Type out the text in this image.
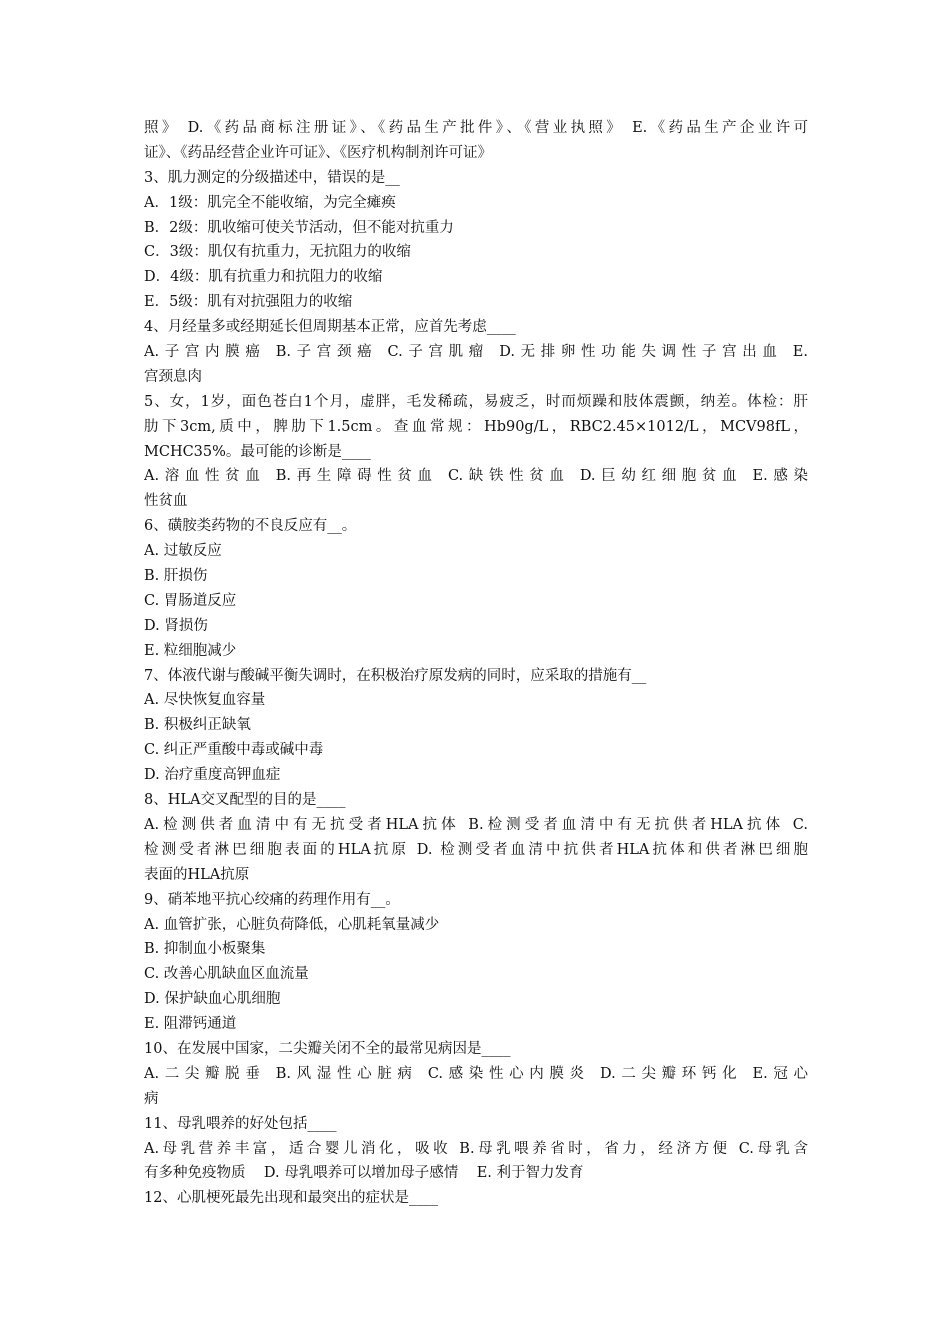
照》 D.《药品商标注册证》、《药品生产批件》、《营业执照》 E.《药品生产企业许可
证》、《药品经营企业许可证》、《医疗机构制剂许可证》
3、肌力测定的分级描述中，错误的是__
A．1级：肌完全不能收缩，为完全瘫痪
B．2级：肌收缩可使关节活动，但不能对抗重力
C．3级：肌仅有抗重力，无抗阻力的收缩
D．4级：肌有抗重力和抗阻力的收缩
E．5级：肌有对抗强阻力的收缩
4、月经量多或经期延长但周期基本正常，应首先考虑____
A.子宫内膜癌 B.子宫颈癌 C.子宫肌瘤 D.无排卵性功能失调性子宫出血 E.
宫颈息肉
5、女，1岁，面色苍白1个月，虚胖，毛发稀疏，易疲乏，时而烦躁和肢体震颤，纳差。体检：肝
肋下3cm,质中，脾肋下1.5cm。查血常规：Hb90g/L，RBC2.45×1012/L，MCV98fL，
MCHC35%。最可能的诊断是____
A.溶血性贫血 B.再生障碍性贫血 C.缺铁性贫血 D.巨幼红细胞贫血 E.感染
性贫血
6、磺胺类药物的不良反应有__。
A. 过敏反应
B. 肝损伤
C. 胃肠道反应
D. 肾损伤
E. 粒细胞减少
7、体液代谢与酸碱平衡失调时，在积极治疗原发病的同时，应采取的措施有__
A. 尽快恢复血容量
B. 积极纠正缺氧
C. 纠正严重酸中毒或碱中毒
D. 治疗重度高钾血症
8、HLA交叉配型的目的是____
A.检测供者血清中有无抗受者HLA抗体 B.检测受者血清中有无抗供者HLA抗体 C.
检测受者淋巴细胞表面的HLA抗原 D. 检测受者血清中抗供者HLA抗体和供者淋巴细胞
表面的HLA抗原
9、硝苯地平抗心绞痛的药理作用有__。
A. 血管扩张，心脏负荷降低，心肌耗氧量减少
B. 抑制血小板聚集
C. 改善心肌缺血区血流量
D. 保护缺血心肌细胞
E. 阻滞钙通道
10、在发展中国家，二尖瓣关闭不全的最常见病因是____
A.二尖瓣脱垂 B.风湿性心脏病 C.感染性心内膜炎 D.二尖瓣环钙化 E.冠心
病
11、母乳喂养的好处包括____
A.母乳营养丰富，适合婴儿消化，吸收 B.母乳喂养省时，省力，经济方便 C.母乳含
有多种免疫物质    D. 母乳喂养可以增加母子感情    E. 利于智力发育
12、心肌梗死最先出现和最突出的症状是____
